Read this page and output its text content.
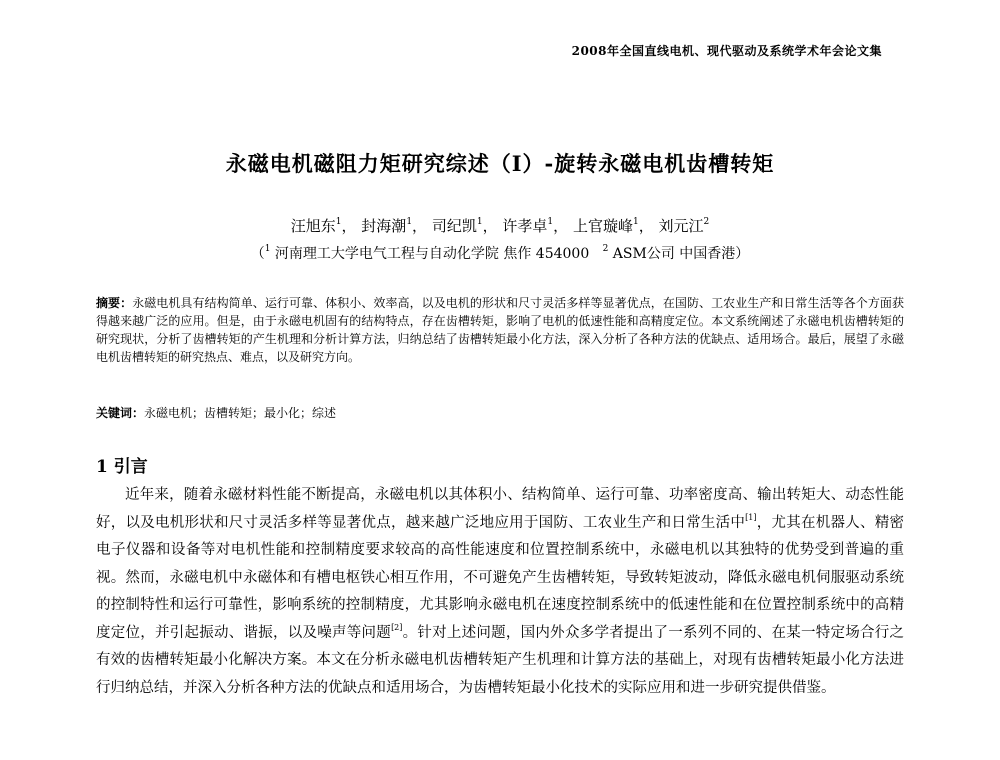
2008年全国直线电机、现代驱动及系统学术年会论文集
永磁电机磁阻力矩研究综述（I）-旋转永磁电机齿槽转矩
汪旭东$^1$， 封海潮$^1$， 司纪凯$^1$， 许孝卓$^1$， 上官璇峰$^1$， 刘元江$^2$
（$^1$ 河南理工大学电气工程与自动化学院 焦作 454000 $^2$ ASM公司 中国香港）
摘要：永磁电机具有结构简单、运行可靠、体积小、效率高，以及电机的形状和尺寸灵活多样等显著优点，在国防、工农业生产和日常生活等各个方面获得越来越广泛的应用。但是，由于永磁电机固有的结构特点，存在齿槽转矩，影响了电机的低速性能和高精度定位。本文系统阐述了永磁电机齿槽转矩的研究现状，分析了齿槽转矩的产生机理和分析计算方法，归纳总结了齿槽转矩最小化方法，深入分析了各种方法的优缺点、适用场合。最后，展望了永磁电机齿槽转矩的研究热点、难点，以及研究方向。
关键词：永磁电机；齿槽转矩；最小化；综述
1 引言

近年来，随着永磁材料性能不断提高，永磁电机以其体积小、结构简单、运行可靠、功率密度高、输出转矩大、动态性能好，以及电机形状和尺寸灵活多样等显著优点，越来越广泛地应用于国防、工农业生产和日常生活中[1]，尤其在机器人、精密电子仪器和设备等对电机性能和控制精度要求较高的高性能速度和位置控制系统中，永磁电机以其独特的优势受到普遍的重视。然而，永磁电机中永磁体和有槽电枢铁心相互作用，不可避免产生齿槽转矩，导致转矩波动，降低永磁电机伺服驱动系统的控制特性和运行可靠性，影响系统的控制精度，尤其影响永磁电机在速度控制系统中的低速性能和在位置控制系统中的高精度定位，并引起振动、谐振，以及噪声等问题[2]。针对上述问题，国内外众多学者提出了一系列不同的、在某一特定场合行之有效的齿槽转矩最小化解决方案。本文在分析永磁电机齿槽转矩产生机理和计算方法的基础上，对现有齿槽转矩最小化方法进行归纳总结，并深入分析各种方法的优缺点和适用场合，为齿槽转矩最小化技术的实际应用和进一步研究提供借鉴。
